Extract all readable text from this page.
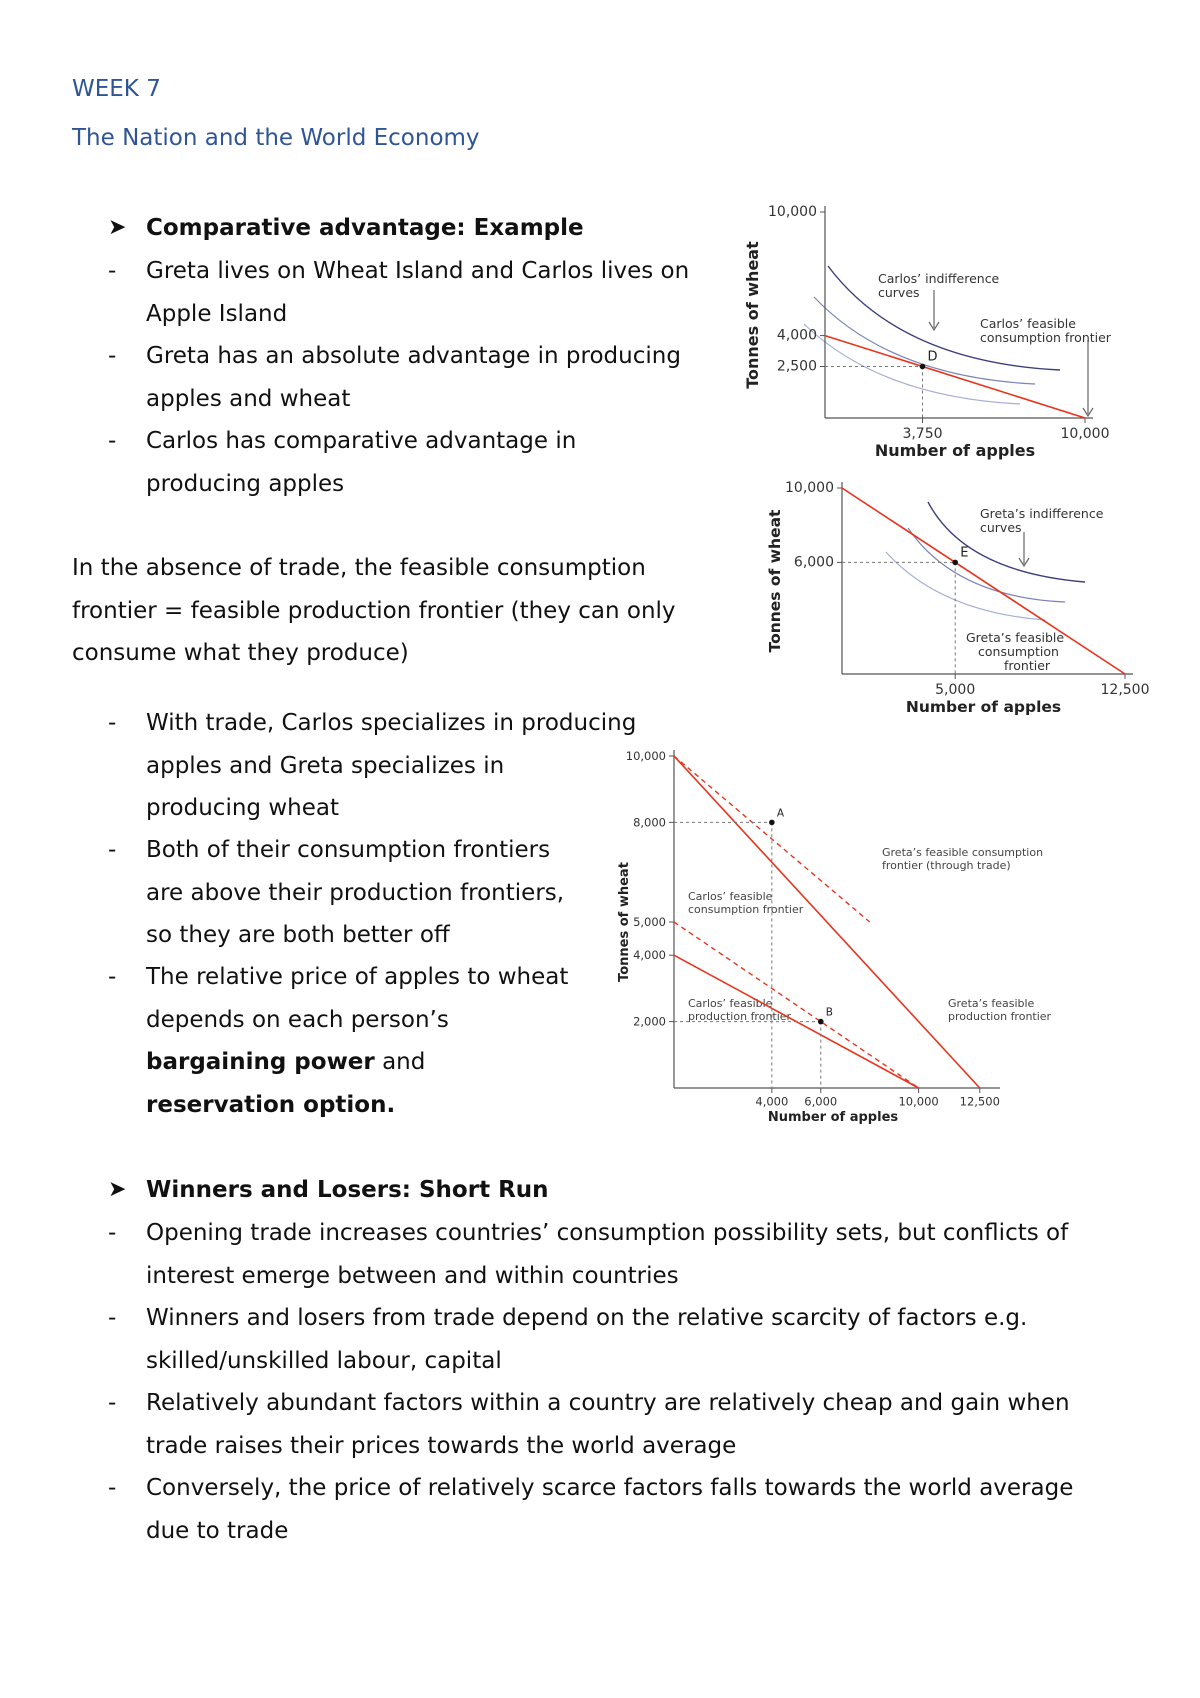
WEEK 7
The Nation and the World Economy
➤ Comparative advantage: Example
- Greta lives on Wheat Island and Carlos lives on
Apple Island
- Greta has an absolute advantage in producing
apples and wheat
- Carlos has comparative advantage in
producing apples
In the absence of trade, the feasible consumption
frontier = feasible production frontier (they can only
consume what they produce)
- With trade, Carlos specializes in producing
apples and Greta specializes in
producing wheat
- Both of their consumption frontiers
are above their production frontiers,
so they are both better off
- The relative price of apples to wheat
depends on each person’s
bargaining power and
reservation option.
➤ Winners and Losers: Short Run
- Opening trade increases countries’ consumption possibility sets, but conflicts of
interest emerge between and within countries
- Winners and losers from trade depend on the relative scarcity of factors e.g.
skilled/unskilled labour, capital
- Relatively abundant factors within a country are relatively cheap and gain when
trade raises their prices towards the world average
- Conversely, the price of relatively scarce factors falls towards the world average
due to trade
Carlos’ indifference
curves
Carlos’ feasible
consumption frontier
10,000
4,000
2,500
3,750	10,000
Number of apples
Tonnes of wheat	D
Greta’s indifference
curves
Greta’s feasible
consumption
frontier
10,000
6,000
5,000	12,500
Number of apples
Tonnes of wheat	E
Greta’s feasible consumption
frontier (through trade)
Carlos’ feasible
consumption frontier
Carlos’ feasible
production frontier
Greta’s feasible
production frontier
10,000
8,000
5,000
4,000
2,000
4,000 6,000	10,000 12,500
Number of apples
Tonnes of wheat
A
B
